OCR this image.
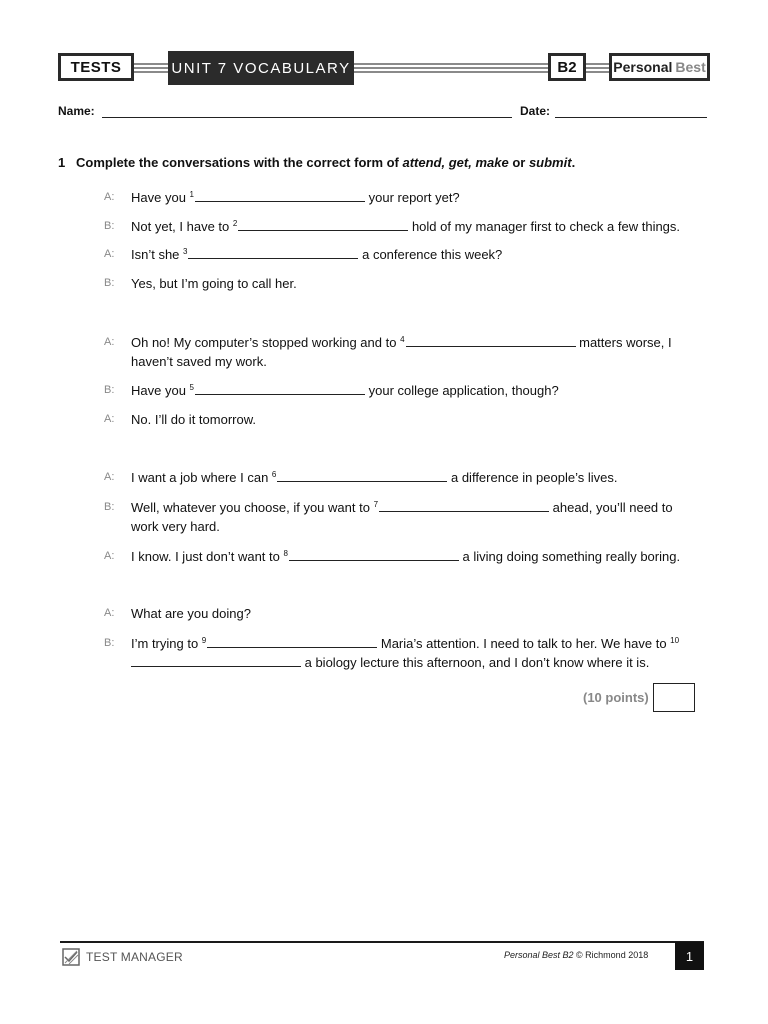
TESTS	UNIT 7 VOCABULARY	B2	Personal Best
Name:	Date:
1 Complete the conversations with the correct form of attend, get, make or submit.
A: Have you $^1$	your report yet?
B: Not yet, I have to $^2$	hold of my manager first to check a few things.
A: Isn’t she $^3$	a conference this week?
B: Yes, but I’m going to call her.
A: Oh no! My computer’s stopped working and to $^4$	matters worse, I haven’t saved my work.
B: Have you $^5$	your college application, though?
A: No. I’ll do it tomorrow.
A: I want a job where I can $^6$	a difference in people’s lives.
B: Well, whatever you choose, if you want to $^7$	ahead, you’ll need to work very hard.
A: I know. I just don’t want to $^8$	a living doing something really boring.
A: What are you doing?
B: I’m trying to $^9$	Maria’s attention. I need to talk to her. We have to $^{10}$ a biology lecture this afternoon, and I don’t know where it is.
(10 points)
TEST MANAGER	Personal Best B2 © Richmond 2018	1
